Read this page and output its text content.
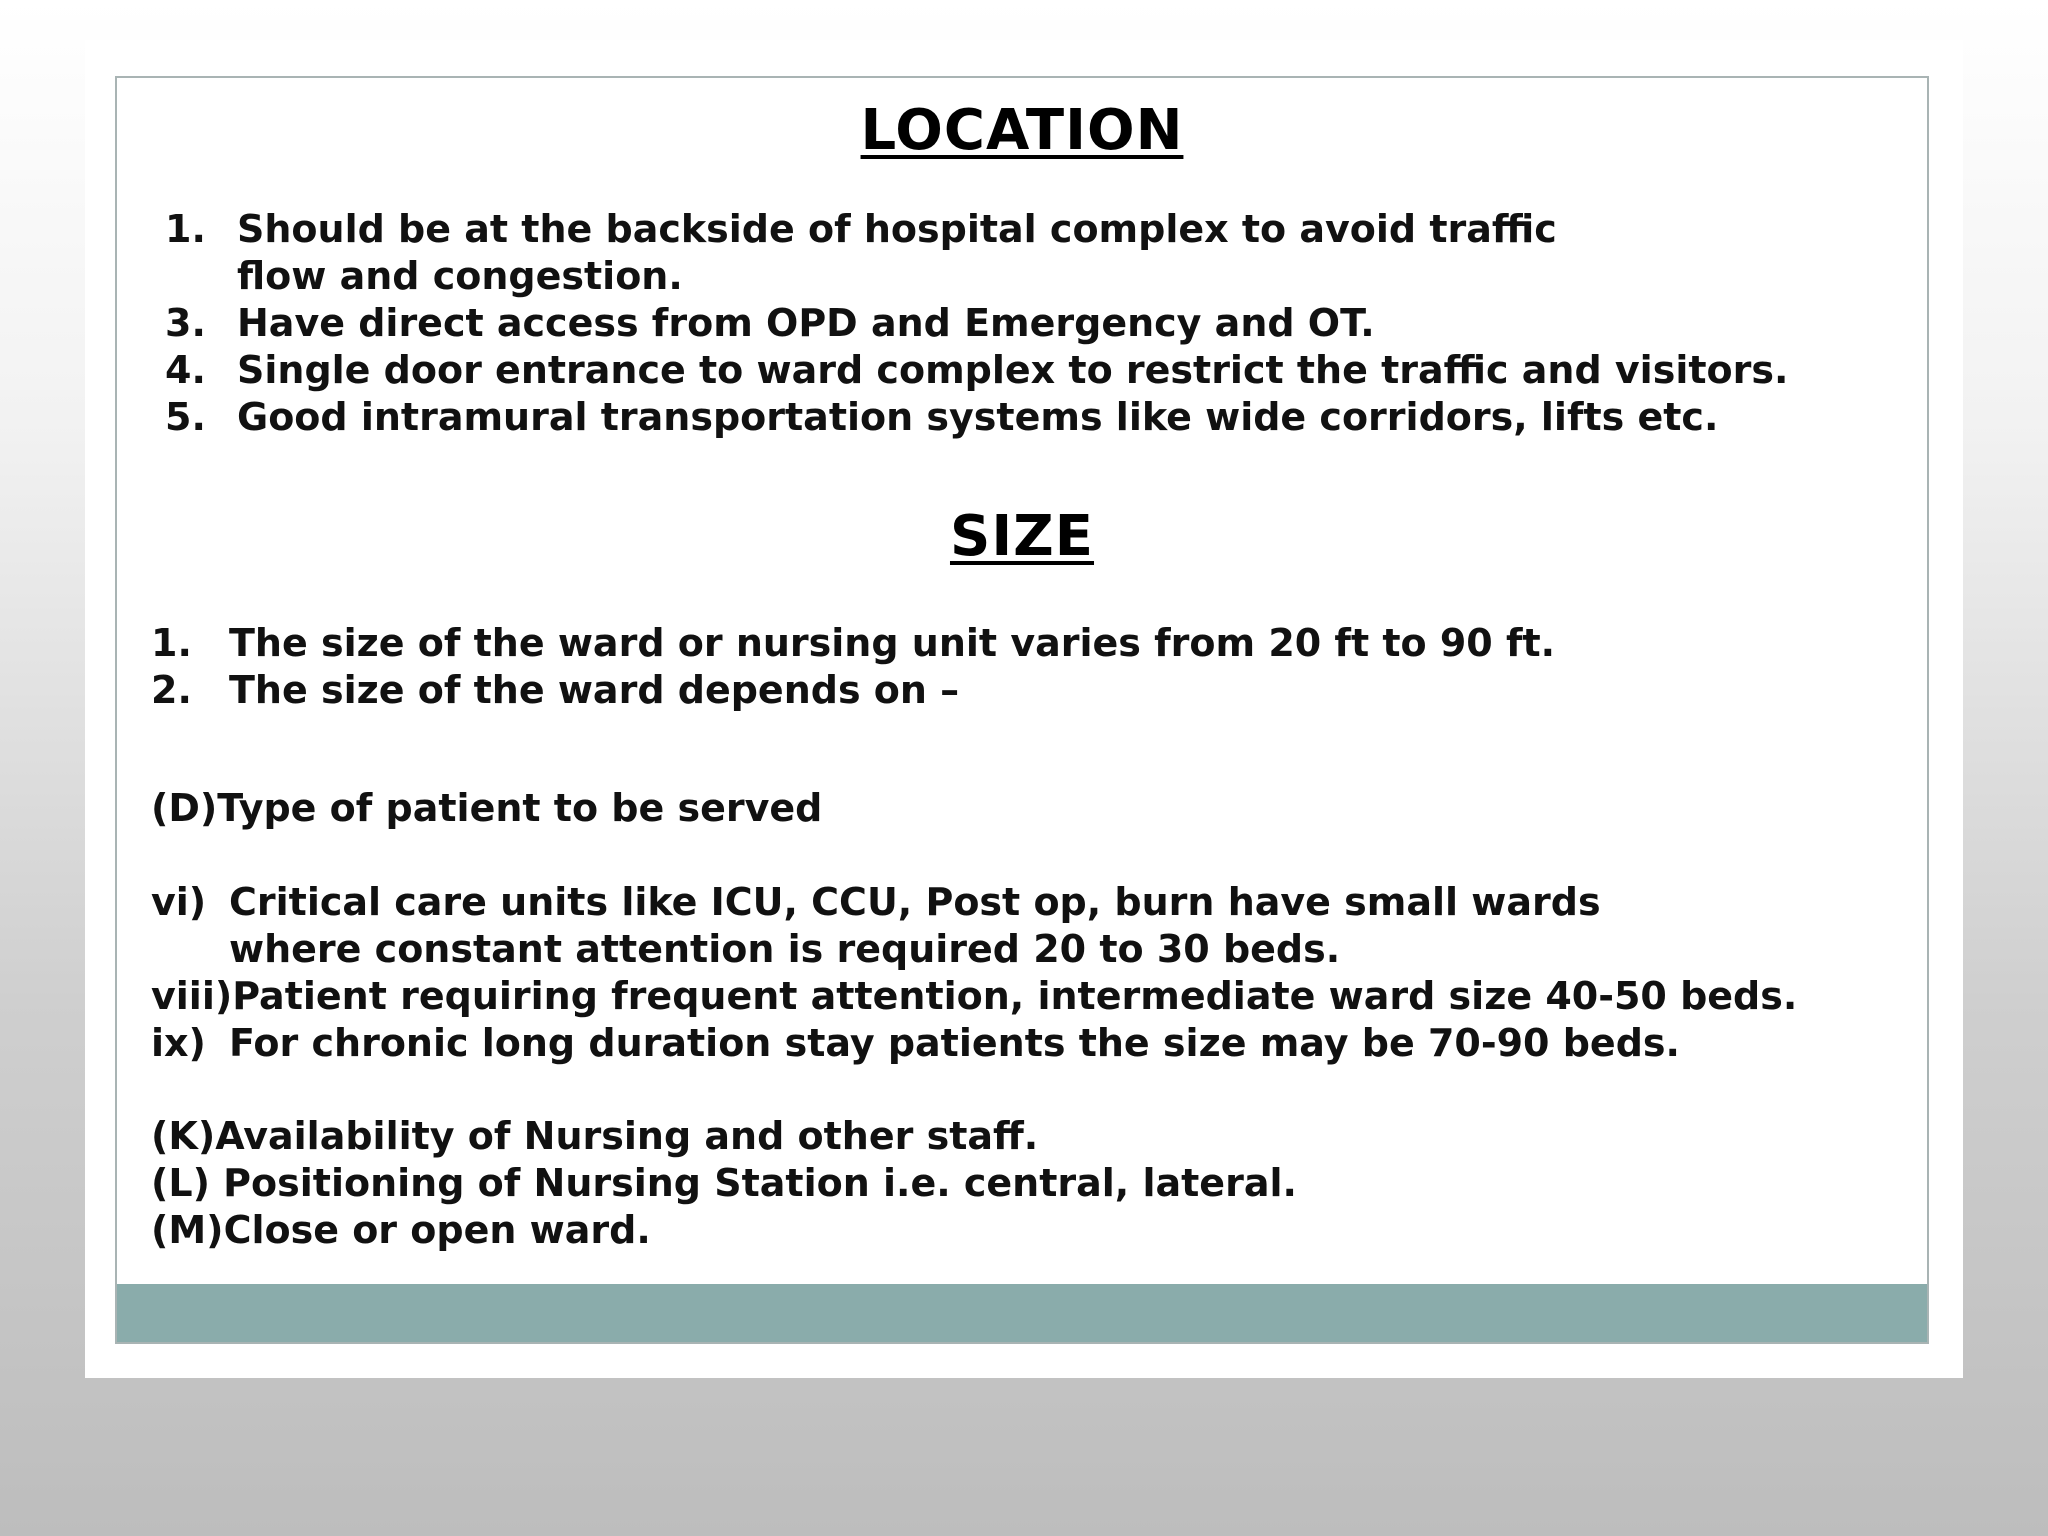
LOCATION
1. Should be at the backside of hospital complex to avoid traffic
flow and congestion.
3. Have direct access from OPD and Emergency and OT.
4. Single door entrance to ward complex to restrict the traffic and visitors.
5. Good intramural transportation systems like wide corridors, lifts etc.
SIZE
1. The size of the ward or nursing unit varies from 20 ft to 90 ft.
2. The size of the ward depends on –

(D)Type of patient to be served

vi) Critical care units like ICU, CCU, Post op, burn have small wards
where constant attention is required 20 to 30 beds.
viii) Patient requiring frequent attention, intermediate ward size 40-50 beds.
ix) For chronic long duration stay patients the size may be 70-90 beds.
(K) Availability of Nursing and other staff.
(L) Positioning of Nursing Station i.e. central, lateral.
(M) Close or open ward.
